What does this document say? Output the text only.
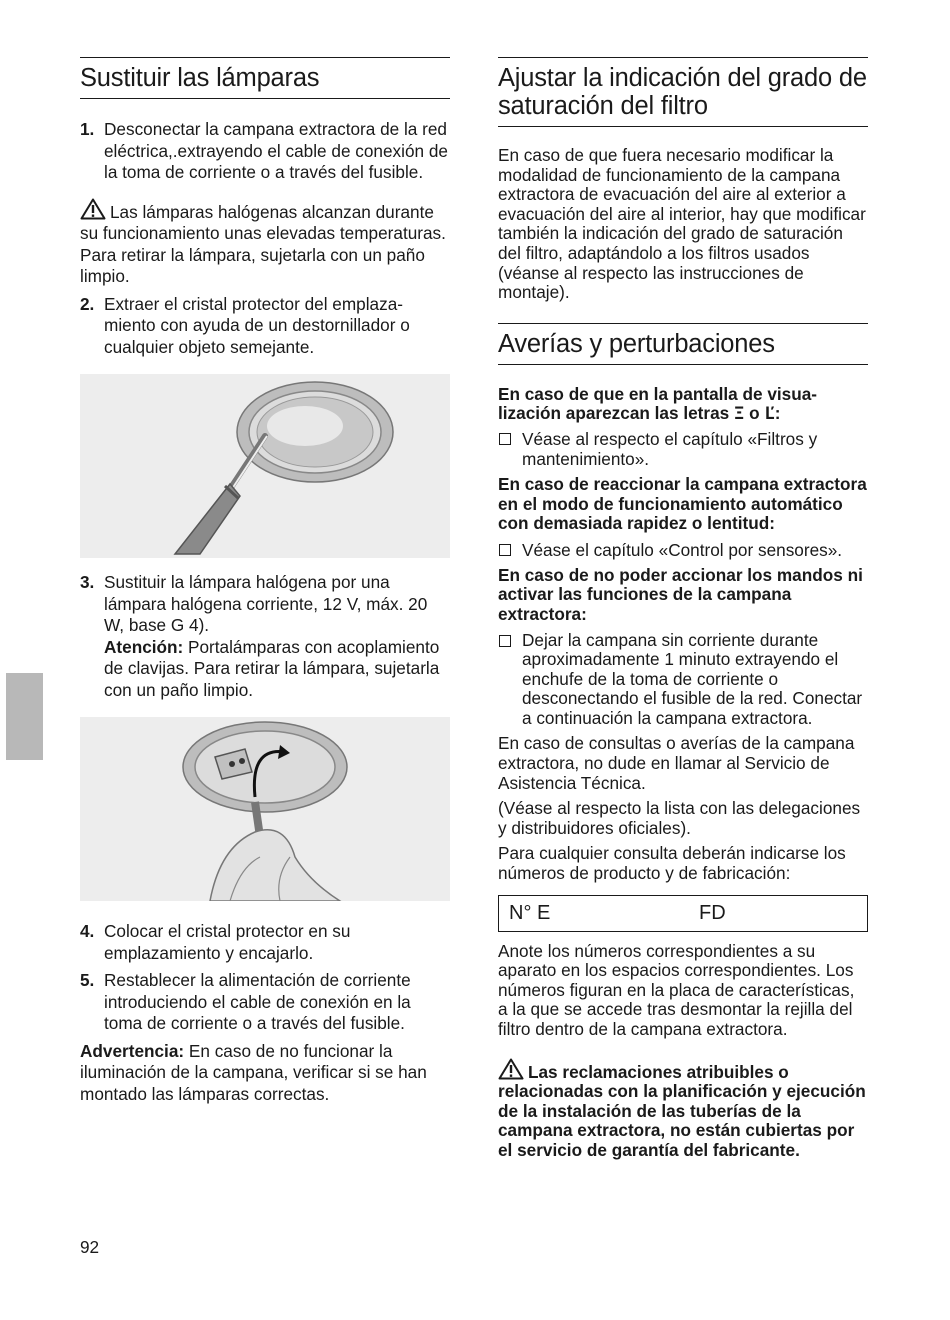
Sustituir las lámparas
1. Desconectar la campana extractora de la red eléctrica,.extrayendo el cable de conexión de la toma de corriente o a través del fusible.

Las lámparas halógenas alcanzan durante su funcionamiento unas elevadas temperaturas. Para retirar la lámpara, sujetarla con un paño limpio.

2. Extraer el cristal protector del emplaza-miento con ayuda de un destornillador o cualquier objeto semejante.
3. Sustituir la lámpara halógena por una lámpara halógena corriente, 12 V, máx. 20 W, base G 4).
Atención: Portalámparas con acoplamiento de clavijas. Para retirar la lámpara, sujetarla con un paño limpio.
4. Colocar el cristal protector en su emplazamiento y encajarlo.
5. Restablecer la alimentación de corriente introduciendo el cable de conexión en la toma de corriente o a través del fusible.

Advertencia: En caso de no funcionar la iluminación de la campana, verificar si se han montado las lámparas correctas.

Ajustar la indicación del grado de saturación del filtro

En caso de que fuera necesario modificar la modalidad de funcionamiento de la campana extractora de evacuación del aire al exterior a evacuación del aire al interior, hay que modificar también la indicación del grado de saturación del filtro, adaptándolo a los filtros usados (véanse al respecto las instrucciones de montaje).

Averías y perturbaciones

En caso de que en la pantalla de visua-lización aparezcan las letras Ξ o Ľ:

Véase al respecto el capítulo «Filtros y mantenimiento».

En caso de reaccionar la campana extractora en el modo de funcionamiento automático con demasiada rapidez o lentitud:

Véase el capítulo «Control por sensores».

En caso de no poder accionar los mandos ni activar las funciones de la campana extractora:

Dejar la campana sin corriente durante aproximadamente 1 minuto extrayendo el enchufe de la toma de corriente o desconectando el fusible de la red. Conectar a continuación la campana extractora.

En caso de consultas o averías de la campana extractora, no dude en llamar al Servicio de Asistencia Técnica.

(Véase al respecto la lista con las delegaciones y distribuidores oficiales).

Para cualquier consulta deberán indicarse los números de producto y de fabricación:

N° E	FD

Anote los números correspondientes a su aparato en los espacios correspondientes. Los números figuran en la placa de características, a la que se accede tras desmontar la rejilla del filtro dentro de la campana extractora.

Las reclamaciones atribuibles o relacionadas con la planificación y ejecución de la instalación de las tuberías de la campana extractora, no están cubiertas por el servicio de garantía del fabricante.

92
